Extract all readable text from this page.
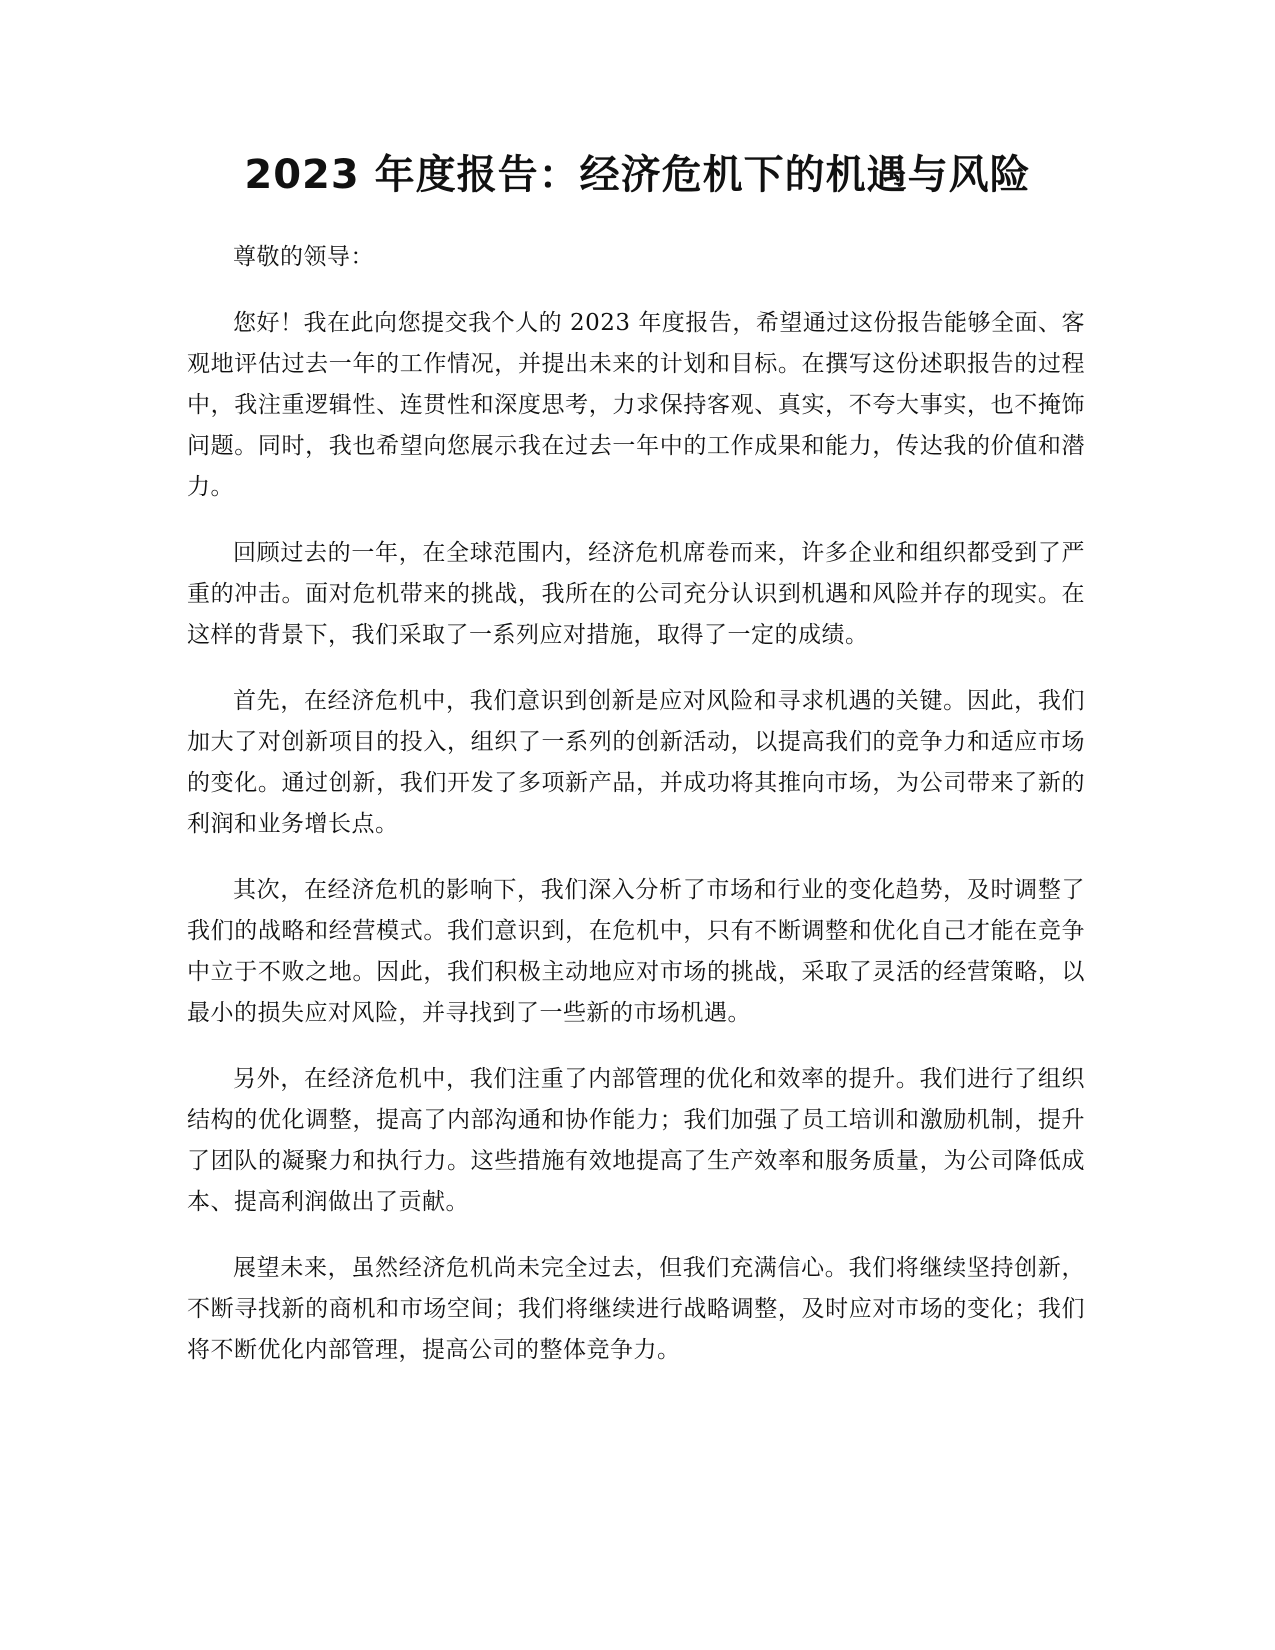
2023 年度报告：经济危机下的机遇与风险

尊敬的领导：

您好！我在此向您提交我个人的 2023 年度报告，希望通过这份报告能够全面、客观地评估过去一年的工作情况，并提出未来的计划和目标。在撰写这份述职报告的过程中，我注重逻辑性、连贯性和深度思考，力求保持客观、真实，不夸大事实，也不掩饰问题。同时，我也希望向您展示我在过去一年中的工作成果和能力，传达我的价值和潜力。

回顾过去的一年，在全球范围内，经济危机席卷而来，许多企业和组织都受到了严重的冲击。面对危机带来的挑战，我所在的公司充分认识到机遇和风险并存的现实。在这样的背景下，我们采取了一系列应对措施，取得了一定的成绩。

首先，在经济危机中，我们意识到创新是应对风险和寻求机遇的关键。因此，我们加大了对创新项目的投入，组织了一系列的创新活动，以提高我们的竞争力和适应市场的变化。通过创新，我们开发了多项新产品，并成功将其推向市场，为公司带来了新的利润和业务增长点。

其次，在经济危机的影响下，我们深入分析了市场和行业的变化趋势，及时调整了我们的战略和经营模式。我们意识到，在危机中，只有不断调整和优化自己才能在竞争中立于不败之地。因此，我们积极主动地应对市场的挑战，采取了灵活的经营策略，以最小的损失应对风险，并寻找到了一些新的市场机遇。

另外，在经济危机中，我们注重了内部管理的优化和效率的提升。我们进行了组织结构的优化调整，提高了内部沟通和协作能力；我们加强了员工培训和激励机制，提升了团队的凝聚力和执行力。这些措施有效地提高了生产效率和服务质量，为公司降低成本、提高利润做出了贡献。

展望未来，虽然经济危机尚未完全过去，但我们充满信心。我们将继续坚持创新，不断寻找新的商机和市场空间；我们将继续进行战略调整，及时应对市场的变化；我们将不断优化内部管理，提高公司的整体竞争力。
